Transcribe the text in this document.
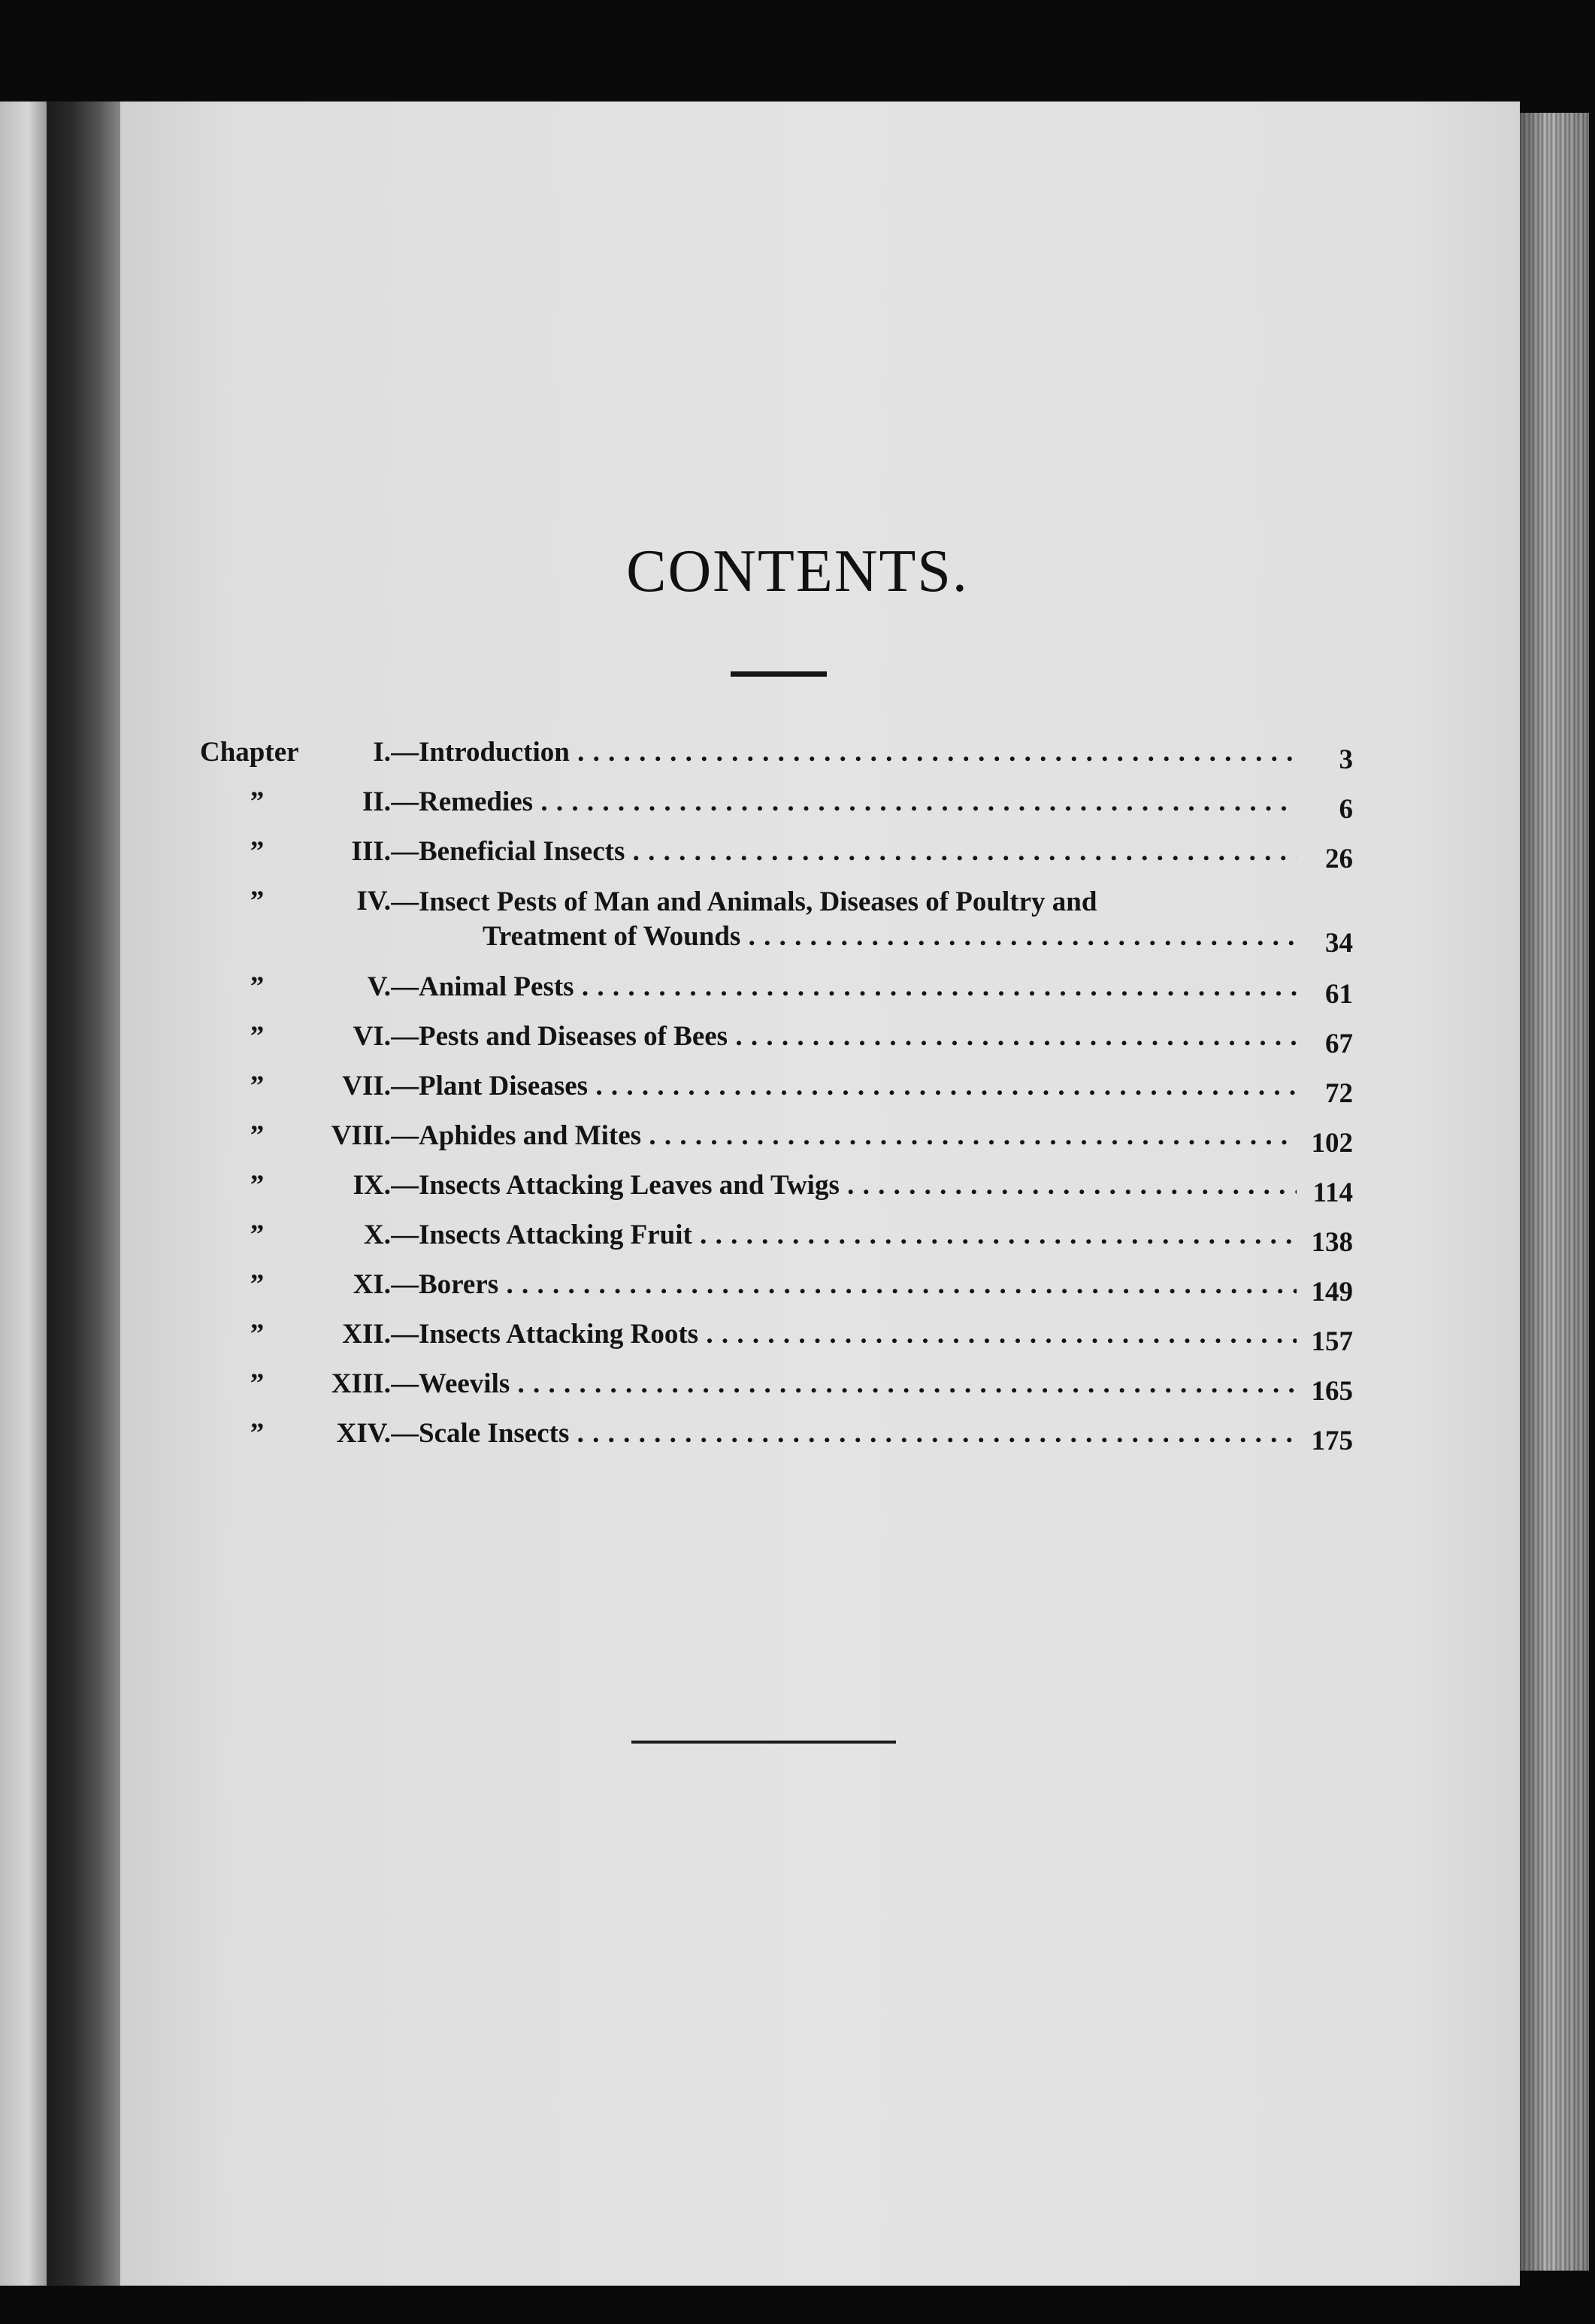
CONTENTS.
Chapter	I. —Introduction . . .	3
”	II. —Remedies . . .	6
”	III. —Beneficial Insects . . .	26
”	IV. —Insect Pests of Man and Animals, Diseases of Poultry and
Treatment of Wounds . . .	34
”	V. —Animal Pests . . .	61
”	VI. —Pests and Diseases of Bees . . .	67
”	VII. —Plant Diseases . . .	72
”	VIII. —Aphides and Mites . . .	102
”	IX. —Insects Attacking Leaves and Twigs . . .	114
”	X. —Insects Attacking Fruit . . .	138
”	XI. —Borers . . .	149
”	XII. —Insects Attacking Roots . . .	157
”	XIII. —Weevils . . .	165
”	XIV. —Scale Insects . . .	175
